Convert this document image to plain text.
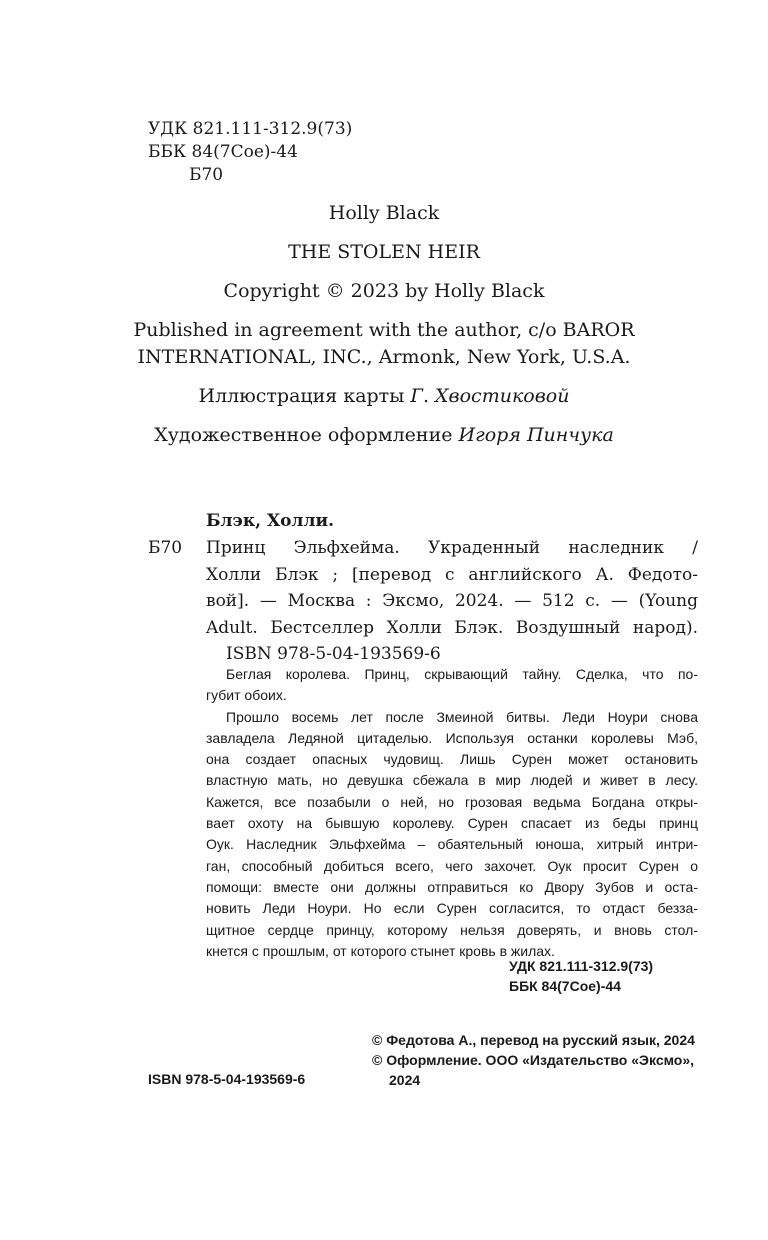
УДК 821.111-312.9(73)
ББК 84(7Сое)-44
Б70
Holly Black
THE STOLEN HEIR
Copyright © 2023 by Holly Black
Published in agreement with the author, c/o BAROR
INTERNATIONAL, INC., Armonk, New York, U.S.A.
Иллюстрация карты Г. Хвостиковой
Художественное оформление Игоря Пинчука
Блэк, Холли.
Б70 Принц Эльфхейма. Украденный наследник /
Холли Блэк ; [перевод с английского А. Федото-
вой]. — Москва : Эксмо, 2024. — 512 с. — (Young
Adult. Бестселлер Холли Блэк. Воздушный народ).
ISBN 978-5-04-193569-6
Беглая королева. Принц, скрывающий тайну. Сделка, что по-
губит обоих.
Прошло восемь лет после Змеиной битвы. Леди Ноури снова
завладела Ледяной цитаделью. Используя останки королевы Мэб,
она создает опасных чудовищ. Лишь Сурен может остановить
властную мать, но девушка сбежала в мир людей и живет в лесу.
Кажется, все позабыли о ней, но грозовая ведьма Богдана откры-
вает охоту на бывшую королеву. Сурен спасает из беды принц
Оук. Наследник Эльфхейма – обаятельный юноша, хитрый интри-
ган, способный добиться всего, чего захочет. Оук просит Сурен о
помощи: вместе они должны отправиться ко Двору Зубов и оста-
новить Леди Ноури. Но если Сурен согласится, то отдаст безза-
щитное сердце принцу, которому нельзя доверять, и вновь стол-
кнется с прошлым, от которого стынет кровь в жилах.
УДК 821.111-312.9(73)
ББК 84(7Сое)-44
© Федотова А., перевод на русский язык, 2024
© Оформление. ООО «Издательство «Эксмо»,
2024
ISBN 978-5-04-193569-6
